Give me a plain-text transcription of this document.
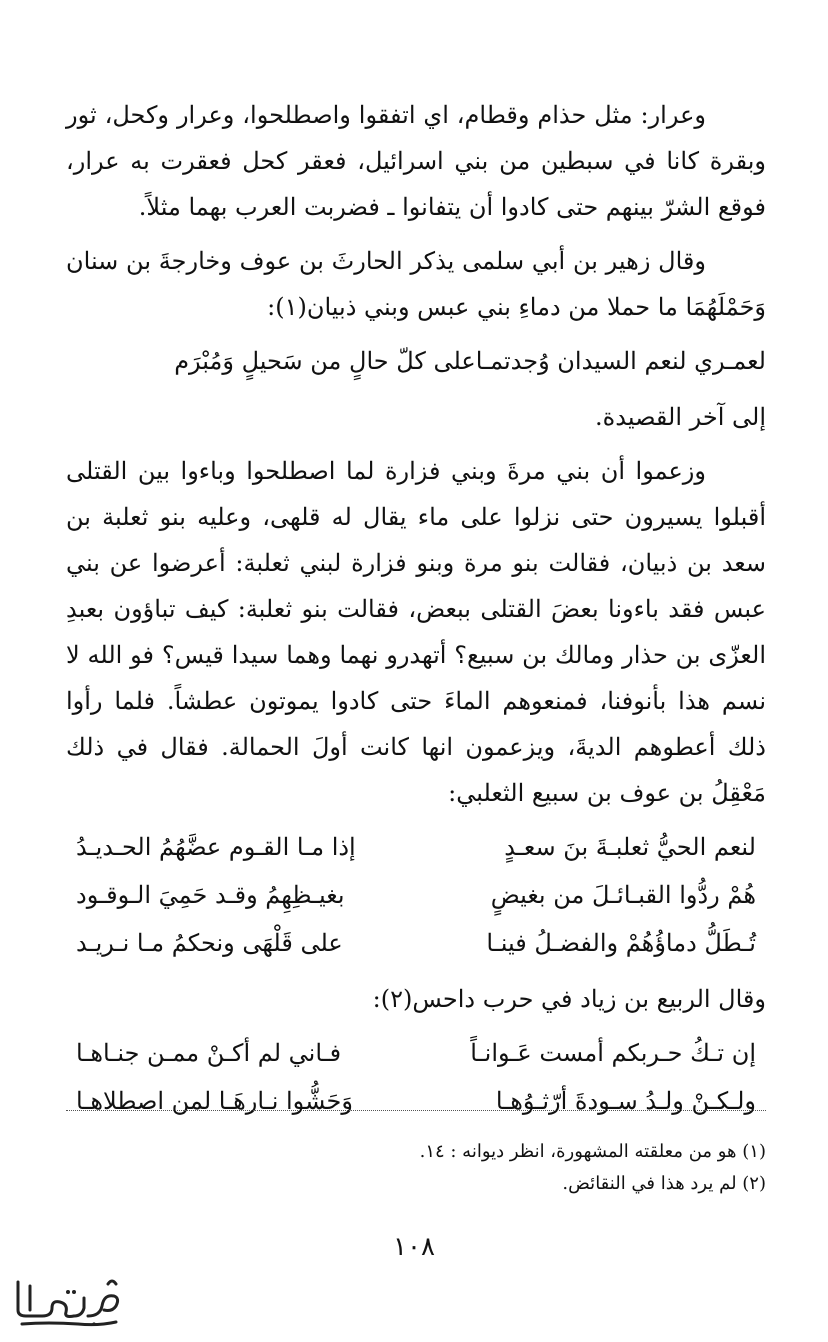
وعرار: مثل حذام وقطام، اي اتفقوا واصطلحوا، وعرار وكحل، ثور وبقرة كانا في سبطين من بني اسرائيل، فعقر كحل فعقرت به عرار، فوقع الشرّ بينهم حتى كادوا أن يتفانوا ـ فضربت العرب بهما مثلاً.

وقال زهير بن أبي سلمى يذكر الحارثَ بن عوف وخارجةَ بن سنان وَحَمْلَهُمَا ما حملا من دماءِ بني عبس وبني ذبيان(١):

لعمـري لنعم السيدان وُجدتمـا
على كلّ حالٍ من سَحيلٍ وَمُبْرَم

إلى آخر القصيدة.

وزعموا أن بني مرةَ وبني فزارة لما اصطلحوا وباءوا بين القتلى أقبلوا يسيرون حتى نزلوا على ماء يقال له قلهى، وعليه بنو ثعلبة بن سعد بن ذبيان، فقالت بنو مرة وبنو فزارة لبني ثعلبة: أعرضوا عن بني عبس فقد باءونا بعضَ القتلى ببعض، فقالت بنو ثعلبة: كيف تباؤون بعبدِ العزّى بن حذار ومالك بن سبيع؟ أتهدرو نهما وهما سيدا قيس؟ فو الله لا نسم هذا بأنوفنا، فمنعوهم الماءَ حتى كادوا يموتون عطشاً. فلما رأوا ذلك أعطوهم الديةَ، ويزعمون انها كانت أولَ الحمالة. فقال في ذلك مَعْقِلُ بن عوف بن سبيع الثعلبي:

لنعم الحيُّ ثعلبـةَ بنَ سعـدٍ
إذا مـا القـوم عضَّهُمُ الحـديـدُ
هُمْ ردُّوا القبـائـلَ من بغيضٍ
بغيـظِهِمُ وقـد حَمِيَ الـوقـود
تُـطَلُّ دماؤُهُمْ والفضـلُ فينـا
على قَلْهَى ونحكمُ مـا نـريـد

وقال الربيع بن زياد في حرب داحس(٢):

إن تـكُ حـربكم أمست عَـوانـاً
فـاني لم أكـنْ ممـن جنـاهـا
ولـكـنْ ولـدُ سـودةَ أرّثـوُهـا
وَحَشُّوا نـارهَـا لمن اصطلاهـا
(١) هو من معلقته المشهورة، انظر ديوانه : ١٤.
(٢) لم يرد هذا في النقائض.
١٠٨
